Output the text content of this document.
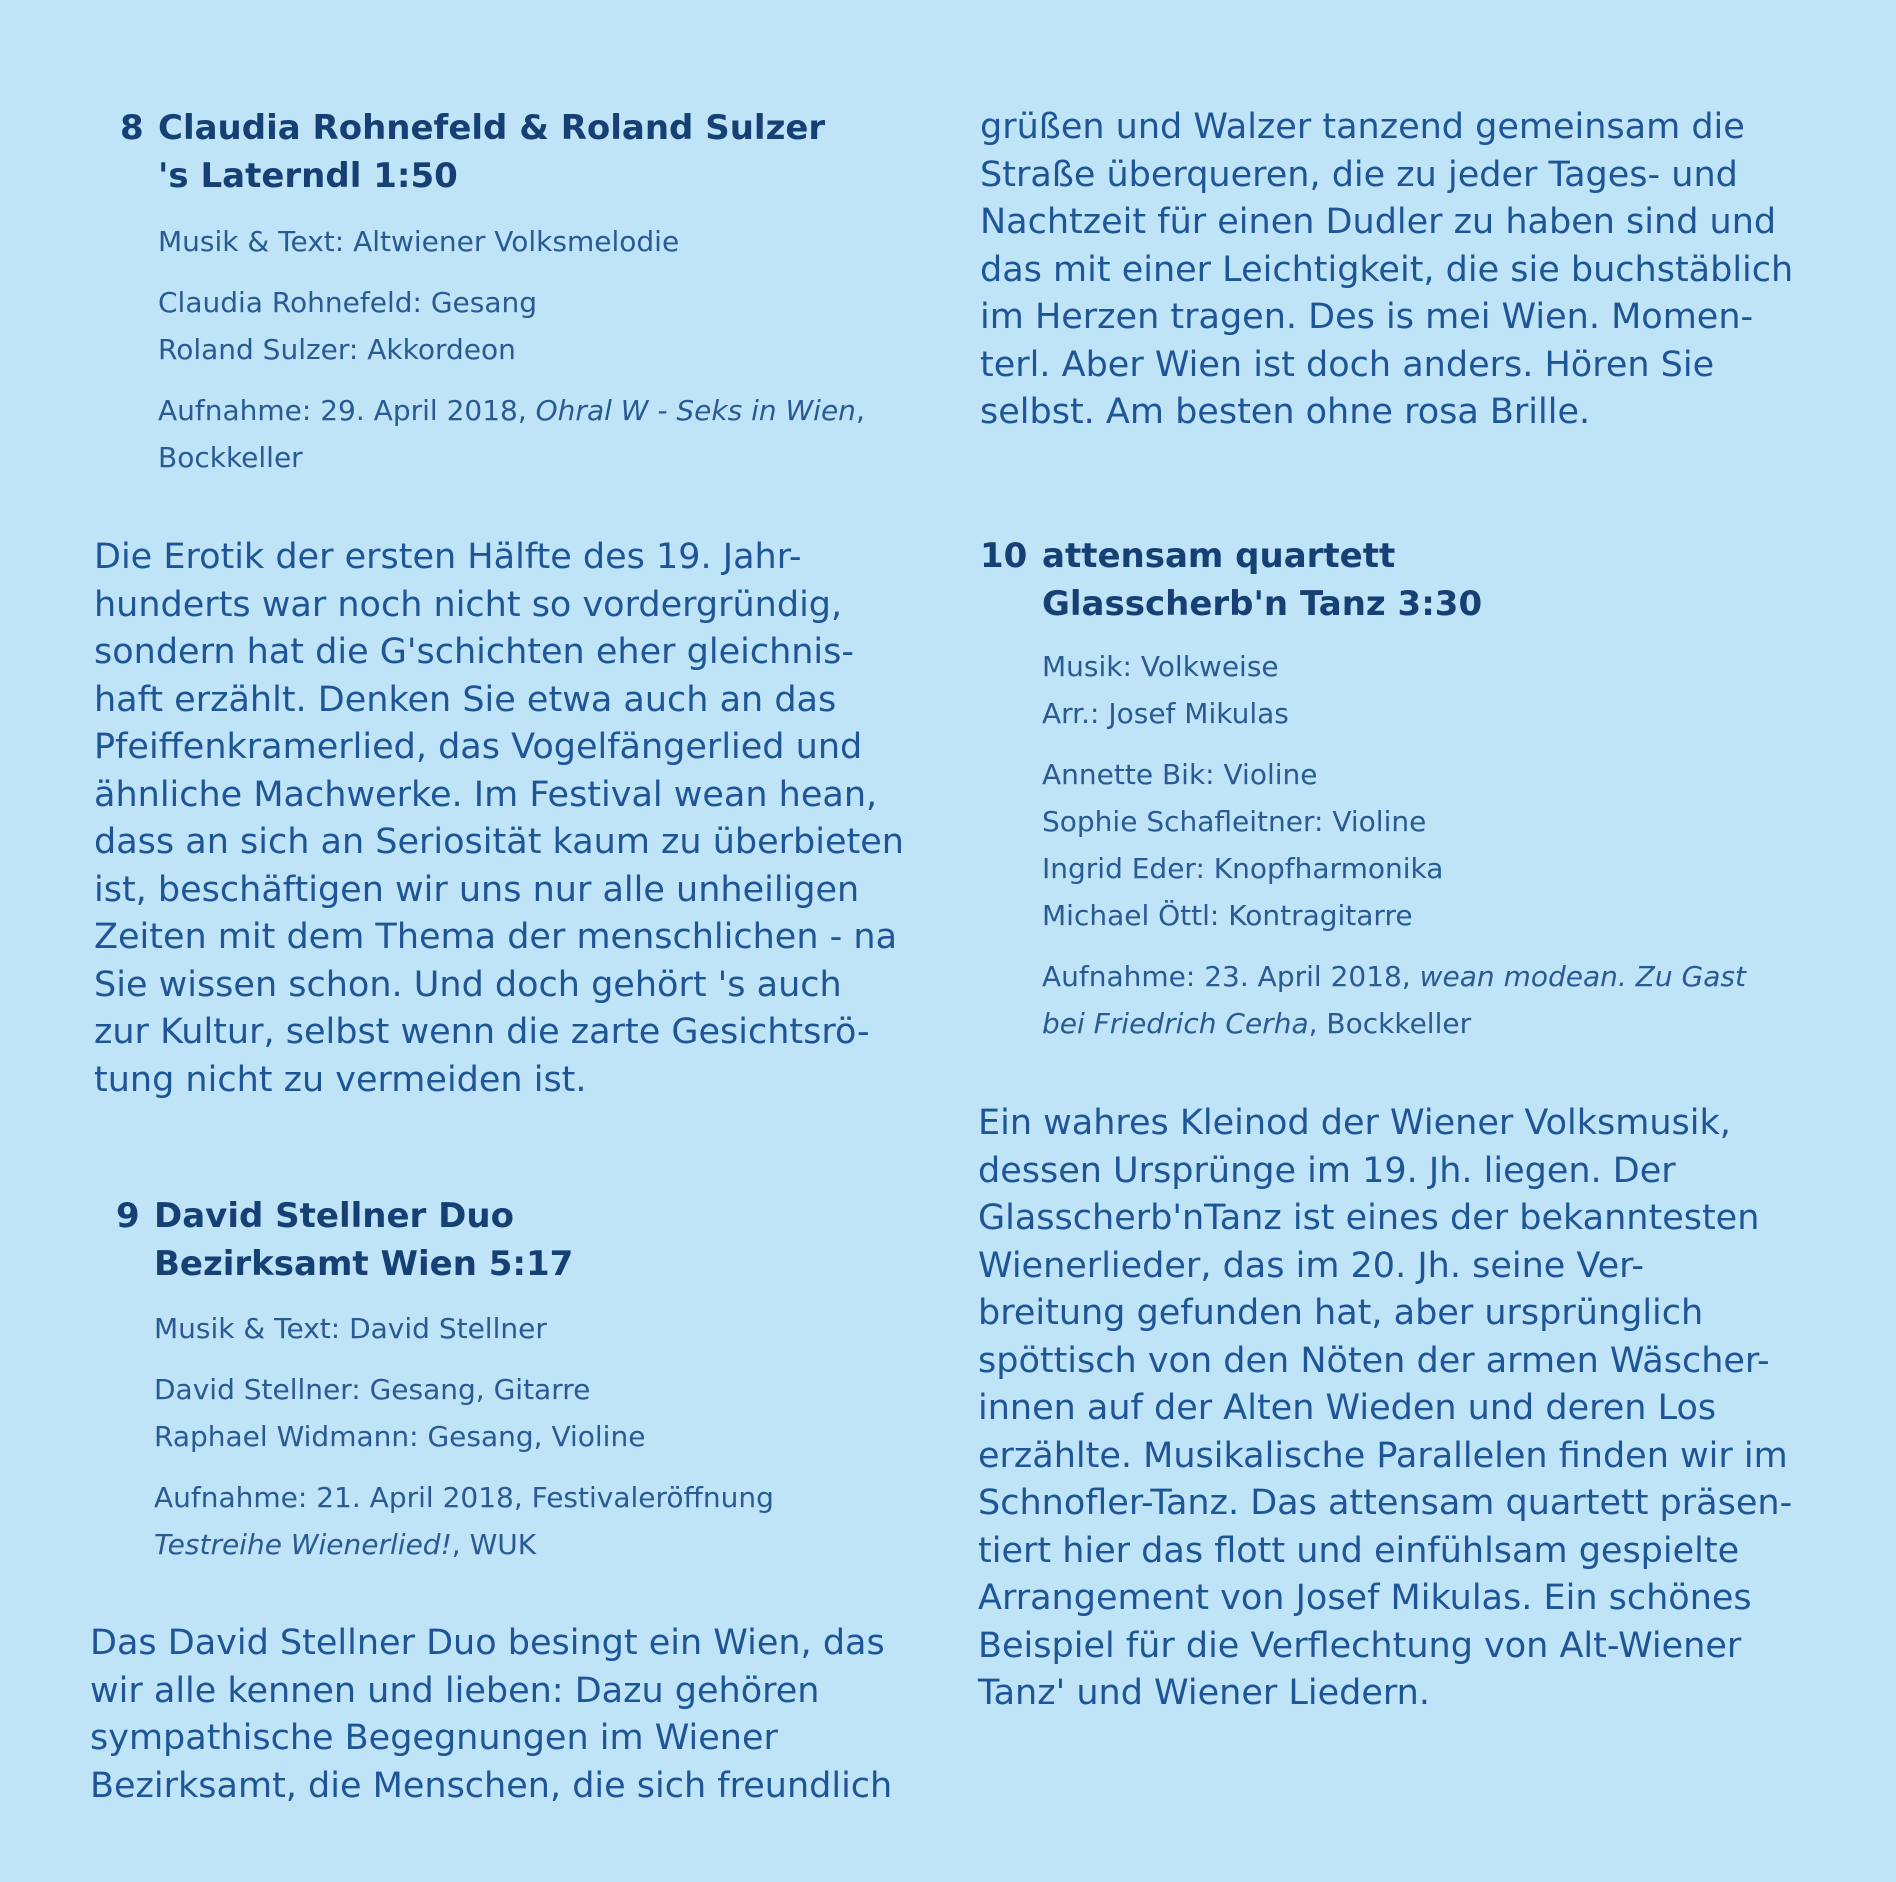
8 Claudia Rohnefeld & Roland Sulzer
's Laterndl 1:50
Musik & Text: Altwiener Volksmelodie
Claudia Rohnefeld: Gesang
Roland Sulzer: Akkordeon
Aufnahme: 29. April 2018, Ohral W - Seks in Wien,
Bockkeller
Die Erotik der ersten Hälfte des 19. Jahr-
hunderts war noch nicht so vordergründig,
sondern hat die G'schichten eher gleichnis-
haft erzählt. Denken Sie etwa auch an das
Pfeiffenkramerlied, das Vogelfängerlied und
ähnliche Machwerke. Im Festival wean hean,
dass an sich an Seriosität kaum zu überbieten
ist, beschäftigen wir uns nur alle unheiligen
Zeiten mit dem Thema der menschlichen - na
Sie wissen schon. Und doch gehört 's auch
zur Kultur, selbst wenn die zarte Gesichtsrö-
tung nicht zu vermeiden ist.
9 David Stellner Duo
Bezirksamt Wien 5:17
Musik & Text: David Stellner
David Stellner: Gesang, Gitarre
Raphael Widmann: Gesang, Violine
Aufnahme: 21. April 2018, Festivaleröffnung
Testreihe Wienerlied!, WUK
Das David Stellner Duo besingt ein Wien, das
wir alle kennen und lieben: Dazu gehören
sympathische Begegnungen im Wiener
Bezirksamt, die Menschen, die sich freundlich
grüßen und Walzer tanzend gemeinsam die
Straße überqueren, die zu jeder Tages- und
Nachtzeit für einen Dudler zu haben sind und
das mit einer Leichtigkeit, die sie buchstäblich
im Herzen tragen. Des is mei Wien. Momen-
terl. Aber Wien ist doch anders. Hören Sie
selbst. Am besten ohne rosa Brille.
10 attensam quartett
Glasscherb'n Tanz 3:30
Musik: Volkweise
Arr.: Josef Mikulas
Annette Bik: Violine
Sophie Schafleitner: Violine
Ingrid Eder: Knopfharmonika
Michael Öttl: Kontragitarre
Aufnahme: 23. April 2018, wean modean. Zu Gast
bei Friedrich Cerha, Bockkeller
Ein wahres Kleinod der Wiener Volksmusik,
dessen Ursprünge im 19. Jh. liegen. Der
Glasscherb'nTanz ist eines der bekanntesten
Wienerlieder, das im 20. Jh. seine Ver-
breitung gefunden hat, aber ursprünglich
spöttisch von den Nöten der armen Wäscher-
innen auf der Alten Wieden und deren Los
erzählte. Musikalische Parallelen finden wir im
Schnofler-Tanz. Das attensam quartett präsen-
tiert hier das flott und einfühlsam gespielte
Arrangement von Josef Mikulas. Ein schönes
Beispiel für die Verflechtung von Alt-Wiener
Tanz' und Wiener Liedern.
